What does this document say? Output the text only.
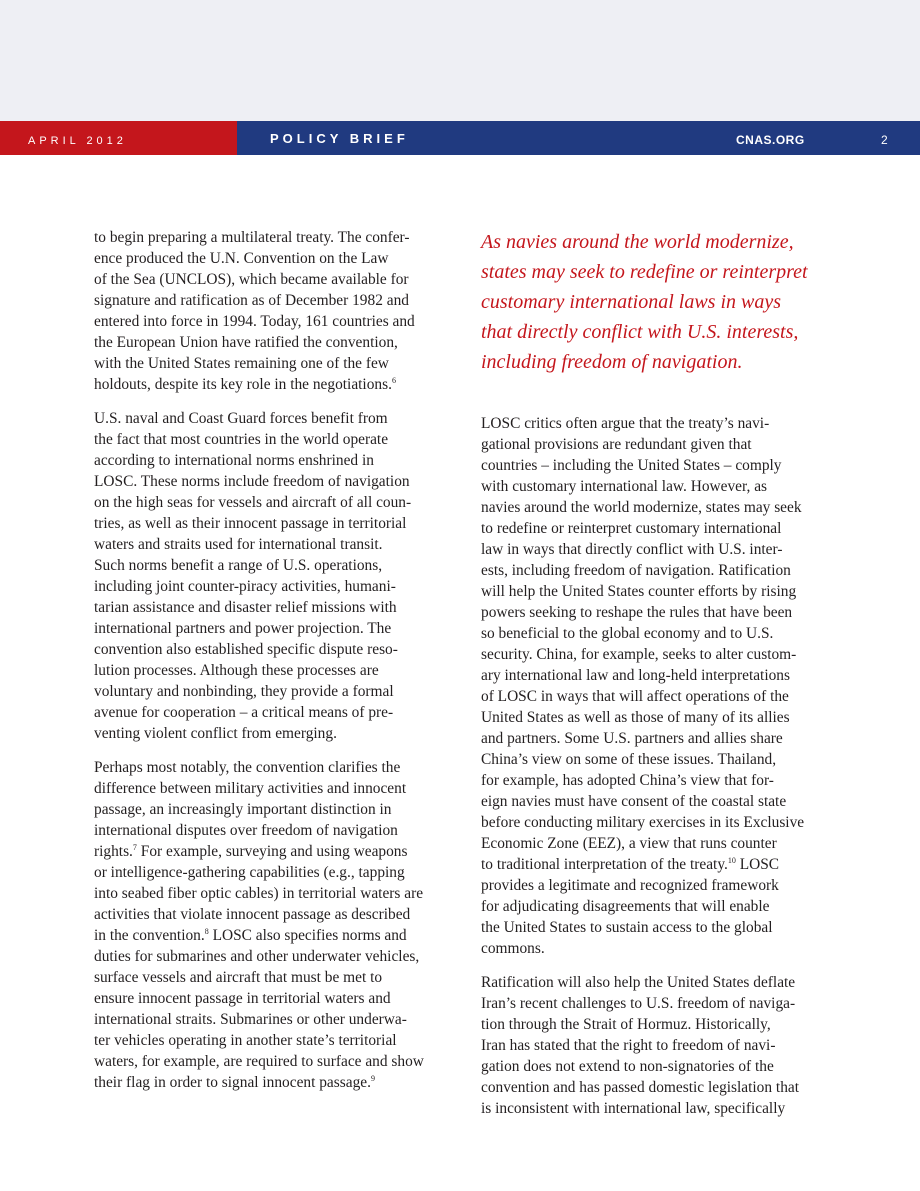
APRIL 2012	POLICY BRIEF	CNAS.ORG	2

to begin preparing a multilateral treaty. The confer-
ence produced the U.N. Convention on the Law
of the Sea (UNCLOS), which became available for
signature and ratification as of December 1982 and
entered into force in 1994. Today, 161 countries and
the European Union have ratified the convention,
with the United States remaining one of the few
holdouts, despite its key role in the negotiations.$^6$

U.S. naval and Coast Guard forces benefit from
the fact that most countries in the world operate
according to international norms enshrined in
LOSC. These norms include freedom of navigation
on the high seas for vessels and aircraft of all coun-
tries, as well as their innocent passage in territorial
waters and straits used for international transit.
Such norms benefit a range of U.S. operations,
including joint counter-piracy activities, humani-
tarian assistance and disaster relief missions with
international partners and power projection. The
convention also established specific dispute reso-
lution processes. Although these processes are
voluntary and nonbinding, they provide a formal
avenue for cooperation – a critical means of pre-
venting violent conflict from emerging.

Perhaps most notably, the convention clarifies the
difference between military activities and innocent
passage, an increasingly important distinction in
international disputes over freedom of navigation
rights.$^7$ For example, surveying and using weapons
or intelligence-gathering capabilities (e.g., tapping
into seabed fiber optic cables) in territorial waters are
activities that violate innocent passage as described
in the convention.$^8$ LOSC also specifies norms and
duties for submarines and other underwater vehicles,
surface vessels and aircraft that must be met to
ensure innocent passage in territorial waters and
international straits. Submarines or other underwa-
ter vehicles operating in another state’s territorial
waters, for example, are required to surface and show
their flag in order to signal innocent passage.$^9$

As navies around the world modernize,
states may seek to redefine or reinterpret
customary international laws in ways
that directly conflict with U.S. interests,
including freedom of navigation.

LOSC critics often argue that the treaty’s navi-
gational provisions are redundant given that
countries – including the United States – comply
with customary international law. However, as
navies around the world modernize, states may seek
to redefine or reinterpret customary international
law in ways that directly conflict with U.S. inter-
ests, including freedom of navigation. Ratification
will help the United States counter efforts by rising
powers seeking to reshape the rules that have been
so beneficial to the global economy and to U.S.
security. China, for example, seeks to alter custom-
ary international law and long-held interpretations
of LOSC in ways that will affect operations of the
United States as well as those of many of its allies
and partners. Some U.S. partners and allies share
China’s view on some of these issues. Thailand,
for example, has adopted China’s view that for-
eign navies must have consent of the coastal state
before conducting military exercises in its Exclusive
Economic Zone (EEZ), a view that runs counter
to traditional interpretation of the treaty.$^{10}$ LOSC
provides a legitimate and recognized framework
for adjudicating disagreements that will enable
the United States to sustain access to the global
commons.

Ratification will also help the United States deflate
Iran’s recent challenges to U.S. freedom of naviga-
tion through the Strait of Hormuz. Historically,
Iran has stated that the right to freedom of navi-
gation does not extend to non-signatories of the
convention and has passed domestic legislation that
is inconsistent with international law, specifically
